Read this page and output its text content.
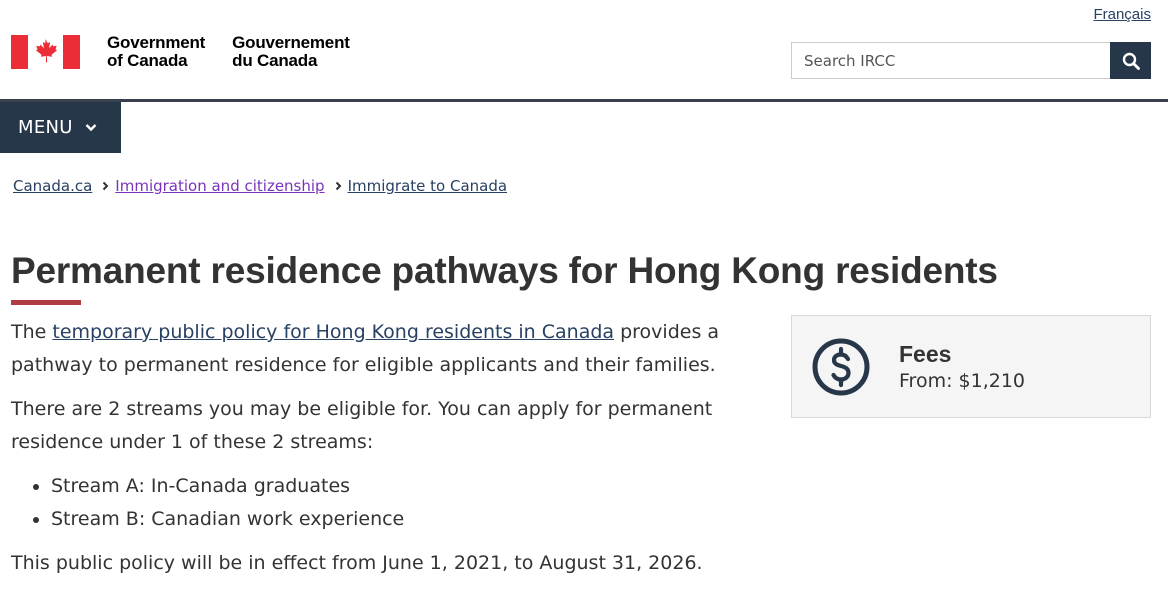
Français
Government
of Canada
Gouvernement
du Canada
Search IRCC
MENU
Canada.ca Immigration and citizenship Immigrate to Canada
Permanent residence pathways for Hong Kong residents

The temporary public policy for Hong Kong residents in Canada provides a pathway to permanent residence for eligible applicants and their families.

There are 2 streams you may be eligible for. You can apply for permanent residence under 1 of these 2 streams:

• Stream A: In-Canada graduates
• Stream B: Canadian work experience

This public policy will be in effect from June 1, 2021, to August 31, 2026.

Fees
From: $1,210
